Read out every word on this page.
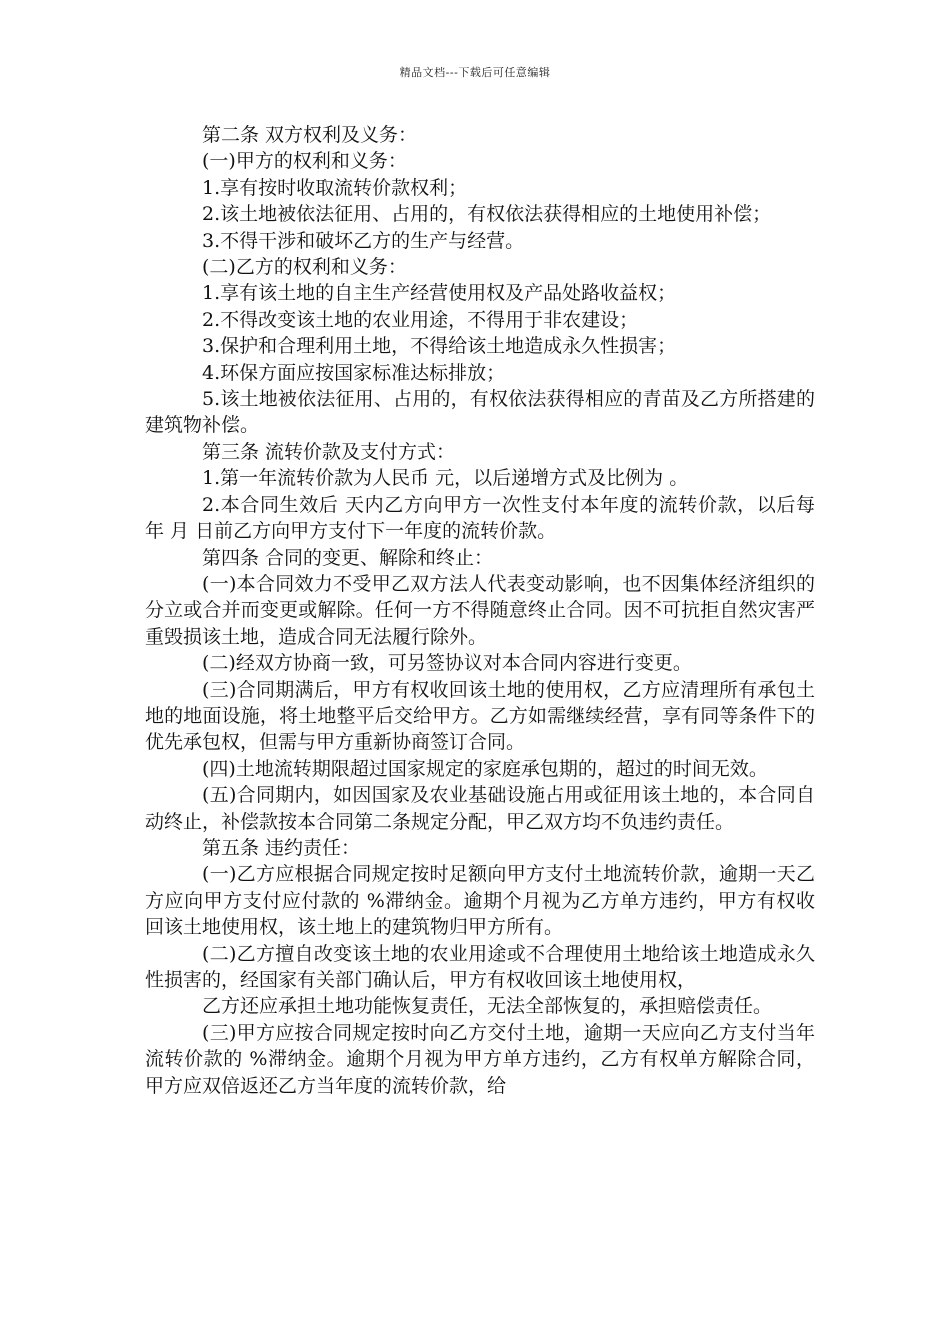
精品文档---下载后可任意编辑

第二条 双方权利及义务：

(一)甲方的权利和义务：

1.享有按时收取流转价款权利；

2.该土地被依法征用、占用的，有权依法获得相应的土地使用补偿；

3.不得干涉和破坏乙方的生产与经营。

(二)乙方的权利和义务：

1.享有该土地的自主生产经营使用权及产品处路收益权；

2.不得改变该土地的农业用途，不得用于非农建设；

3.保护和合理利用土地，不得给该土地造成永久性损害；

4.环保方面应按国家标准达标排放；

5.该土地被依法征用、占用的，有权依法获得相应的青苗及乙方所搭建的建筑物补偿。

第三条 流转价款及支付方式：

1.第一年流转价款为人民币 元，以后递增方式及比例为 。

2.本合同生效后 天内乙方向甲方一次性支付本年度的流转价款，以后每年 月 日前乙方向甲方支付下一年度的流转价款。

第四条 合同的变更、解除和终止：

(一)本合同效力不受甲乙双方法人代表变动影响，也不因集体经济组织的分立或合并而变更或解除。任何一方不得随意终止合同。因不可抗拒自然灾害严重毁损该土地，造成合同无法履行除外。

(二)经双方协商一致，可另签协议对本合同内容进行变更。

(三)合同期满后，甲方有权收回该土地的使用权，乙方应清理所有承包土地的地面设施，将土地整平后交给甲方。乙方如需继续经营，享有同等条件下的优先承包权，但需与甲方重新协商签订合同。

(四)土地流转期限超过国家规定的家庭承包期的，超过的时间无效。

(五)合同期内，如因国家及农业基础设施占用或征用该土地的，本合同自动终止，补偿款按本合同第二条规定分配，甲乙双方均不负违约责任。

第五条 违约责任：

(一)乙方应根据合同规定按时足额向甲方支付土地流转价款，逾期一天乙方应向甲方支付应付款的 %滞纳金。逾期个月视为乙方单方违约，甲方有权收回该土地使用权，该土地上的建筑物归甲方所有。

(二)乙方擅自改变该土地的农业用途或不合理使用土地给该土地造成永久性损害的，经国家有关部门确认后，甲方有权收回该土地使用权，

乙方还应承担土地功能恢复责任，无法全部恢复的，承担赔偿责任。

(三)甲方应按合同规定按时向乙方交付土地，逾期一天应向乙方支付当年流转价款的 %滞纳金。逾期个月视为甲方单方违约，乙方有权单方解除合同，甲方应双倍返还乙方当年度的流转价款，给
